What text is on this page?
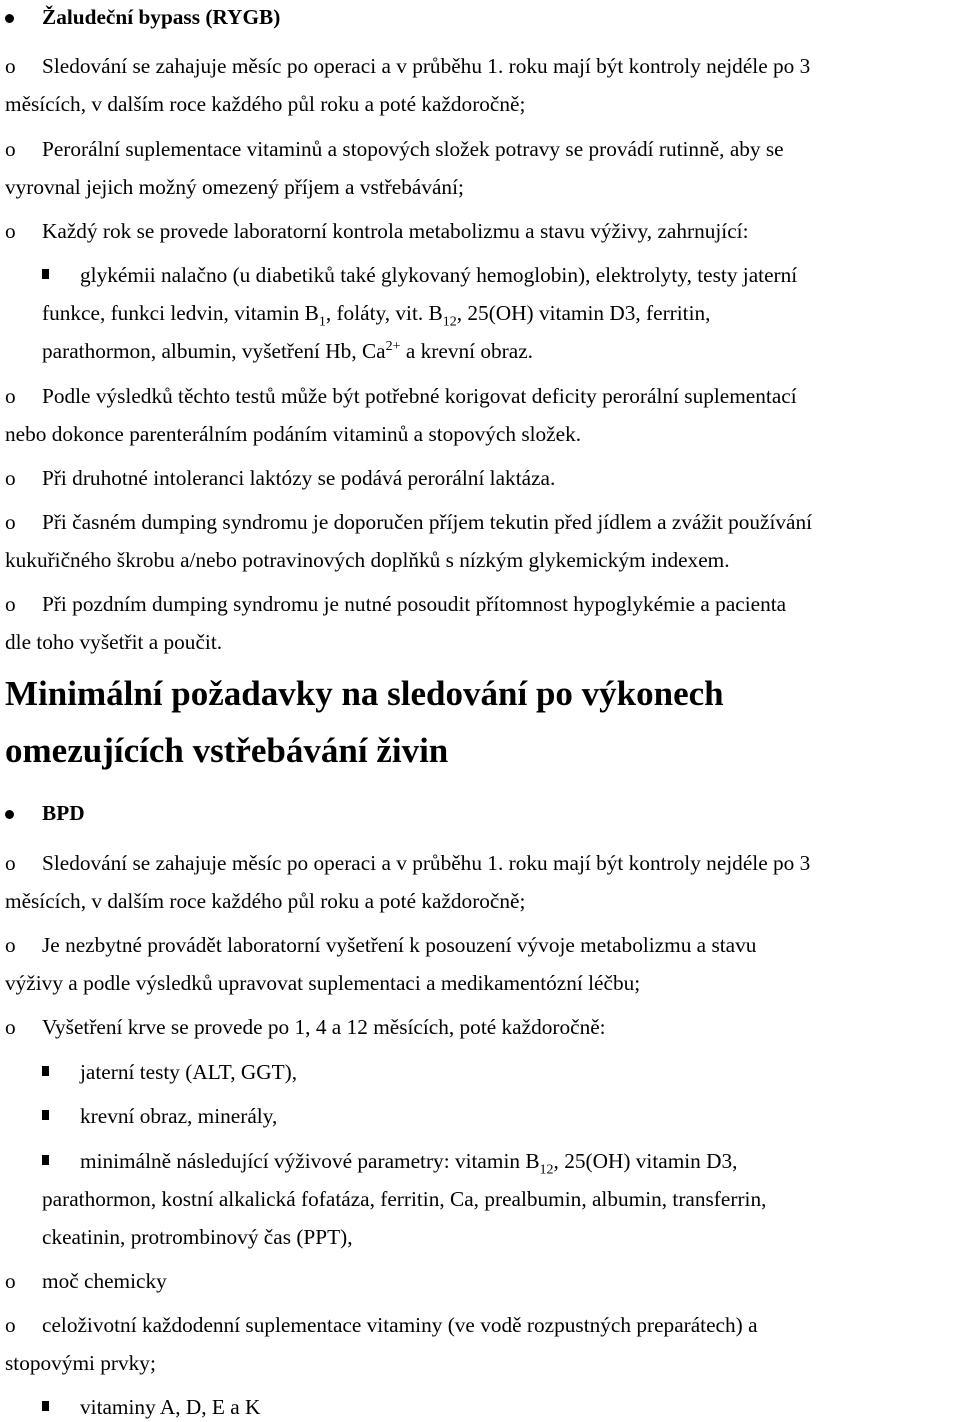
Žaludeční bypass (RYGB)
o Sledování se zahajuje měsíc po operaci a v průběhu 1. roku mají být kontroly nejdéle po 3
měsících, v dalším roce každého půl roku a poté každoročně;
o Perorální suplementace vitaminů a stopových složek potravy se provádí rutinně, aby se
vyrovnal jejich možný omezený příjem a vstřebávání;
o Každý rok se provede laboratorní kontrola metabolizmu a stavu výživy, zahrnující:
glykémii nalačno (u diabetiků také glykovaný hemoglobin), elektrolyty, testy jaterní
funkce, funkci ledvin, vitamin $B_1$, foláty, vit. $B_{12}$, 25(OH) vitamin D3, ferritin,
parathormon, albumin, vyšetření Hb, $Ca^{2+}$ a krevní obraz.
o Podle výsledků těchto testů může být potřebné korigovat deficity perorální suplementací
nebo dokonce parenterálním podáním vitaminů a stopových složek.
o Při druhotné intoleranci laktózy se podává perorální laktáza.
o Při časném dumping syndromu je doporučen příjem tekutin před jídlem a zvážit používání
kukuřičného škrobu a/nebo potravinových doplňků s nízkým glykemickým indexem.
o Při pozdním dumping syndromu je nutné posoudit přítomnost hypoglykémie a pacienta
dle toho vyšetřit a poučit.
Minimální požadavky na sledování po výkonech
omezujících vstřebávání živin
BPD
o Sledování se zahajuje měsíc po operaci a v průběhu 1. roku mají být kontroly nejdéle po 3
měsících, v dalším roce každého půl roku a poté každoročně;
o Je nezbytné provádět laboratorní vyšetření k posouzení vývoje metabolizmu a stavu
výživy a podle výsledků upravovat suplementaci a medikamentózní léčbu;
o Vyšetření krve se provede po 1, 4 a 12 měsících, poté každoročně:
jaterní testy (ALT, GGT),
krevní obraz, minerály,
minimálně následující výživové parametry: vitamin $B_{12}$, 25(OH) vitamin D3,
parathormon, kostní alkalická fofatáza, ferritin, Ca, prealbumin, albumin, transferrin,
ckeatinin, protrombinový čas (PPT),
o moč chemicky
o celoživotní každodenní suplementace vitaminy (ve vodě rozpustných preparátech) a
stopovými prvky;
vitaminy A, D, E a K
